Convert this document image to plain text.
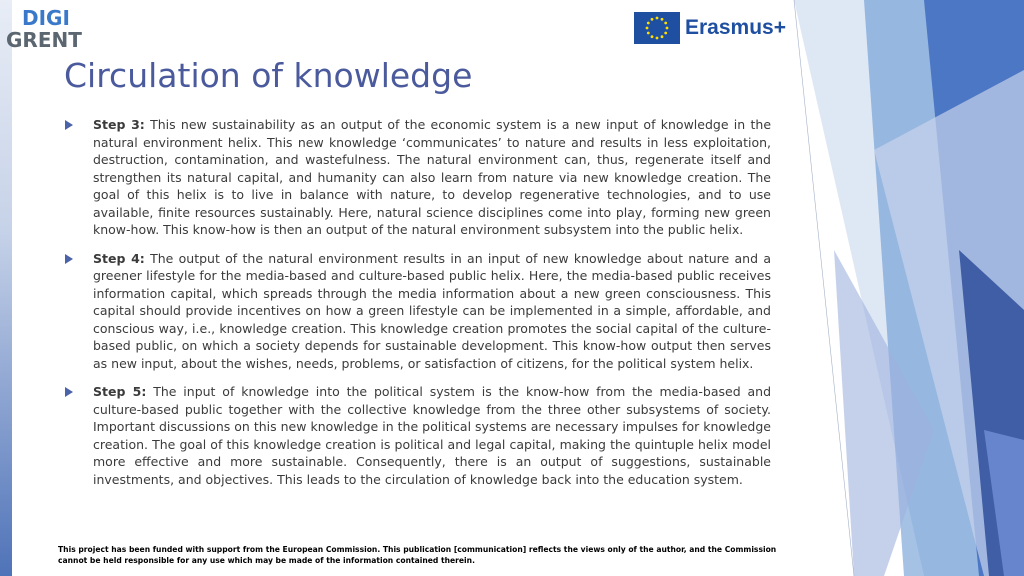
DIGI
GRENT
Erasmus+
Circulation of knowledge
Step 3: This new sustainability as an output of the economic system is a new input of knowledge in the natural environment helix. This new knowledge ‘communicates’ to nature and results in less exploitation, destruction, contamination, and wastefulness. The natural environment can, thus, regenerate itself and strengthen its natural capital, and humanity can also learn from nature via new knowledge creation. The goal of this helix is to live in balance with nature, to develop regenerative technologies, and to use available, finite resources sustainably. Here, natural science disciplines come into play, forming new green know-how. This know-how is then an output of the natural environment subsystem into the public helix.
Step 4: The output of the natural environment results in an input of new knowledge about nature and a greener lifestyle for the media-based and culture-based public helix. Here, the media-based public receives information capital, which spreads through the media information about a new green consciousness. This capital should provide incentives on how a green lifestyle can be implemented in a simple, affordable, and conscious way, i.e., knowledge creation. This knowledge creation promotes the social capital of the culture-based public, on which a society depends for sustainable development. This know-how output then serves as new input, about the wishes, needs, problems, or satisfaction of citizens, for the political system helix.
Step 5: The input of knowledge into the political system is the know-how from the media-based and culture-based public together with the collective knowledge from the three other subsystems of society. Important discussions on this new knowledge in the political systems are necessary impulses for knowledge creation. The goal of this knowledge creation is political and legal capital, making the quintuple helix model more effective and more sustainable. Consequently, there is an output of suggestions, sustainable investments, and objectives. This leads to the circulation of knowledge back into the education system.
This project has been funded with support from the European Commission. This publication [communication] reflects the views only of the author, and the Commission cannot be held responsible for any use which may be made of the information contained therein.
